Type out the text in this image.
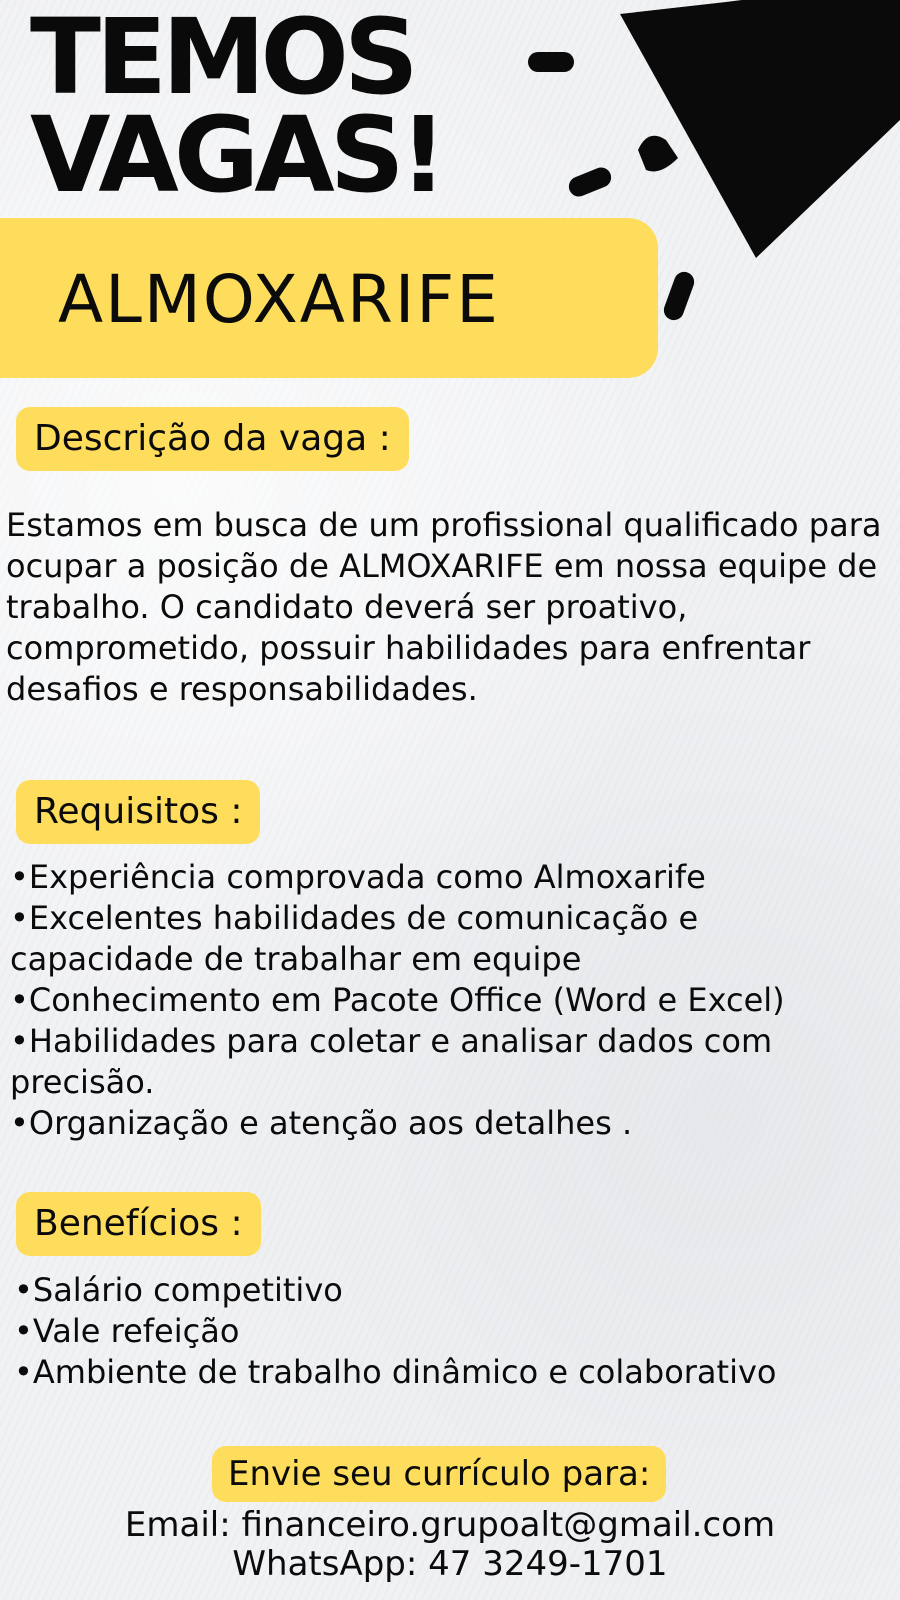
TEMOS
VAGAS!
ALMOXARIFE
Descrição da vaga :

Estamos em busca de um profissional qualificado para ocupar a posição de ALMOXARIFE em nossa equipe de trabalho. O candidato deverá ser proativo, comprometido, possuir habilidades para enfrentar desafios e responsabilidades.

Requisitos :
• Experiência comprovada como Almoxarife
• Excelentes habilidades de comunicação e capacidade de trabalhar em equipe
• Conhecimento em Pacote Office (Word e Excel)
• Habilidades para coletar e analisar dados com precisão.
• Organização e atenção aos detalhes .
Benefícios :
• Salário competitivo
• Vale refeição
• Ambiente de trabalho dinâmico e colaborativo
Envie seu currículo para:
Email: financeiro.grupoalt@gmail.com
WhatsApp: 47 3249-1701
